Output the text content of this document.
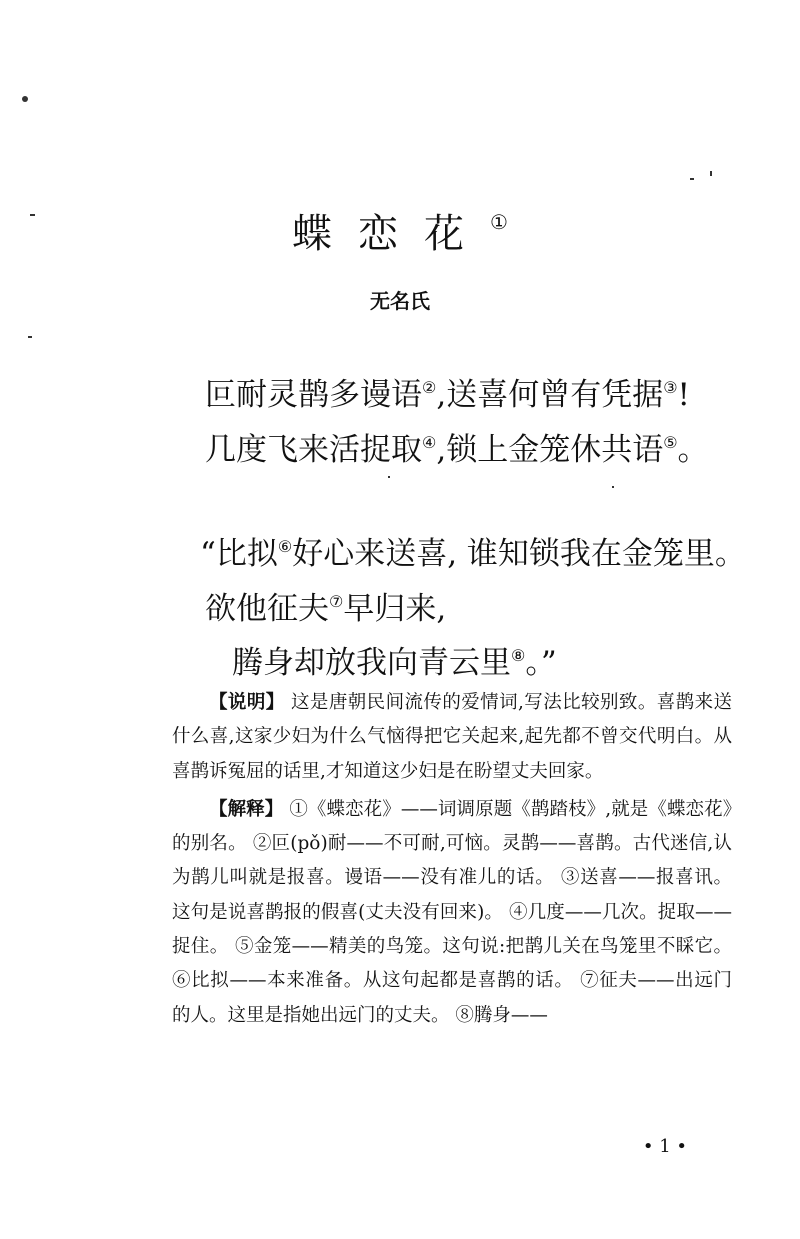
蝶恋花①
无名氏
叵耐灵鹊多谩语②,送喜何曾有凭据③!
几度飞来活捉取④,锁上金笼休共语⑤。
“比拟⑥好心来送喜, 谁知锁我在金笼里。
欲他征夫⑦早归来,
腾身却放我向青云里⑧。”

【说明】 这是唐朝民间流传的爱情词,写法比较别致。喜鹊来送什么喜,这家少妇为什么气恼得把它关起来,起先都不曾交代明白。从喜鹊诉冤屈的话里,才知道这少妇是在盼望丈夫回家。

【解释】 ①《蝶恋花》——词调原题《鹊踏枝》,就是《蝶恋花》的别名。 ②叵(pǒ)耐——不可耐,可恼。灵鹊——喜鹊。古代迷信,认为鹊儿叫就是报喜。谩语——没有准儿的话。 ③送喜——报喜讯。这句是说喜鹊报的假喜(丈夫没有回来)。 ④几度——几次。捉取——捉住。 ⑤金笼——精美的鸟笼。这句说:把鹊儿关在鸟笼里不睬它。 ⑥比拟——本来准备。从这句起都是喜鹊的话。 ⑦征夫——出远门的人。这里是指她出远门的丈夫。 ⑧腾身——

• 1 •
